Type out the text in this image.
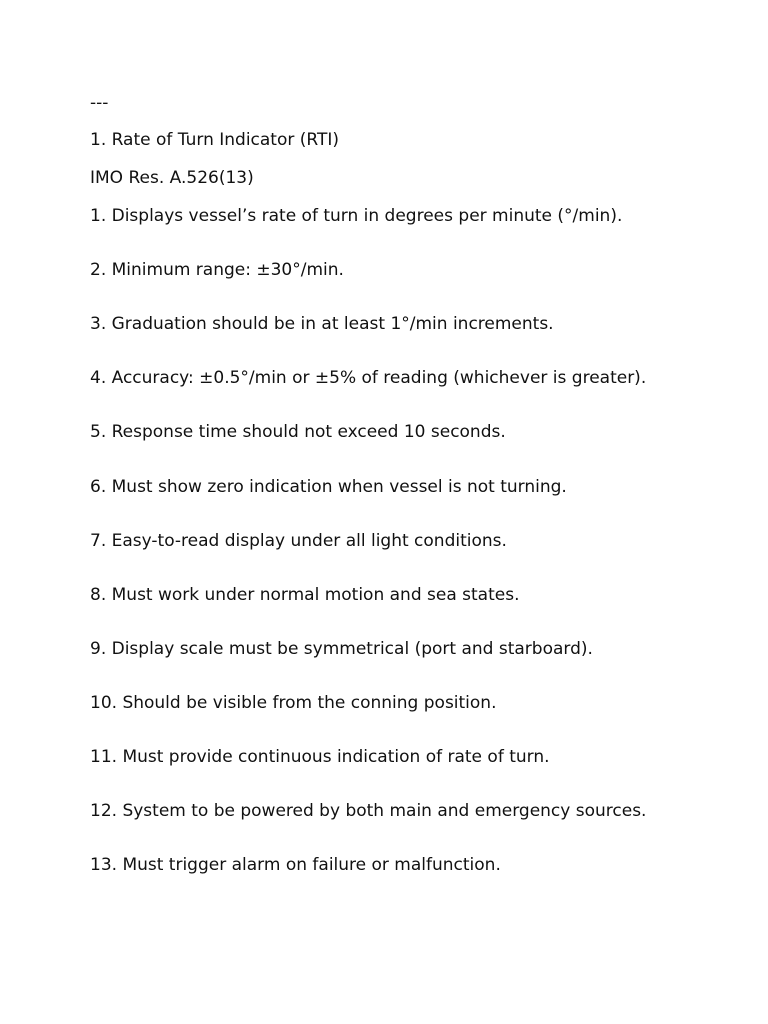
---
1. Rate of Turn Indicator (RTI)
IMO Res. A.526(13)
1. Displays vessel’s rate of turn in degrees per minute (°/min).
2. Minimum range: ±30°/min.
3. Graduation should be in at least 1°/min increments.
4. Accuracy: ±0.5°/min or ±5% of reading (whichever is greater).
5. Response time should not exceed 10 seconds.
6. Must show zero indication when vessel is not turning.
7. Easy-to-read display under all light conditions.
8. Must work under normal motion and sea states.
9. Display scale must be symmetrical (port and starboard).
10. Should be visible from the conning position.
11. Must provide continuous indication of rate of turn.
12. System to be powered by both main and emergency sources.
13. Must trigger alarm on failure or malfunction.
